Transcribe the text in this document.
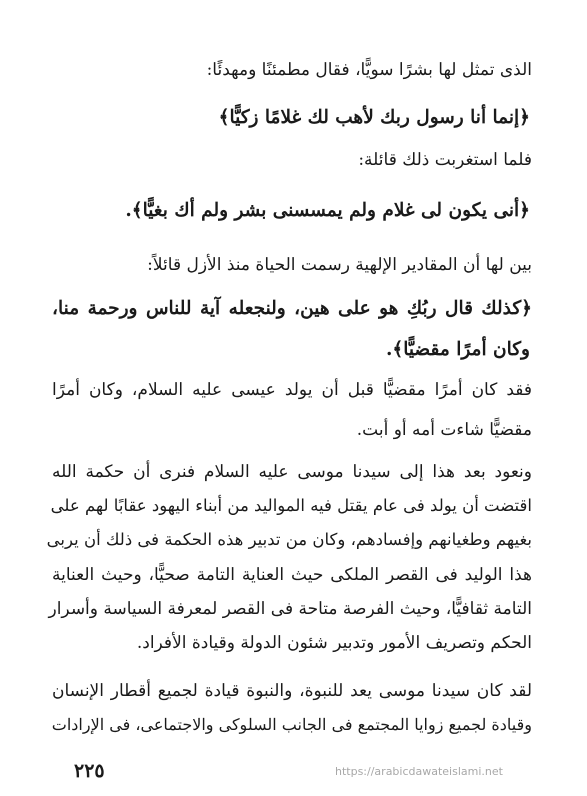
الذى تمثل لها بشرًا سويًّا، فقال مطمئنًا ومهدئًا:
﴿إنما أنا رسول ربك لأهب لك غلامًا زكيًّا﴾
فلما استغربت ذلك قائلة:
﴿أنى يكون لى غلام ولم يمسسنى بشر ولم أك بغيًّا﴾.
بين لها أن المقادير الإلهية رسمت الحياة منذ الأزل قائلاً:
﴿كذلك قال ربُكِ هو على هين، ولنجعله آية للناس ورحمة منا،
وكان أمرًا مقضيًّا﴾.
فقد كان أمرًا مقضيًّا قبل أن يولد عيسى عليه السلام، وكان أمرًا
مقضيًّا شاءت أمه أو أبت.
ونعود بعد هذا إلى سيدنا موسى عليه السلام فنرى أن حكمة الله
اقتضت أن يولد فى عام يقتل فيه المواليد من أبناء اليهود عقابًا لهم على
بغيهم وطغيانهم وإفسادهم، وكان من تدبير هذه الحكمة فى ذلك أن يربى
هذا الوليد فى القصر الملكى حيث العناية التامة صحيًّا، وحيث العناية
التامة ثقافيًّا، وحيث الفرصة متاحة فى القصر لمعرفة السياسة وأسرار
الحكم وتصريف الأمور وتدبير شئون الدولة وقيادة الأفراد.
لقد كان سيدنا موسى يعد للنبوة، والنبوة قيادة لجميع أقطار الإنسان
وقيادة لجميع زوايا المجتمع فى الجانب السلوكى والاجتماعى، فى الإرادات
٢٢٥	https://arabicdawateislami.net
